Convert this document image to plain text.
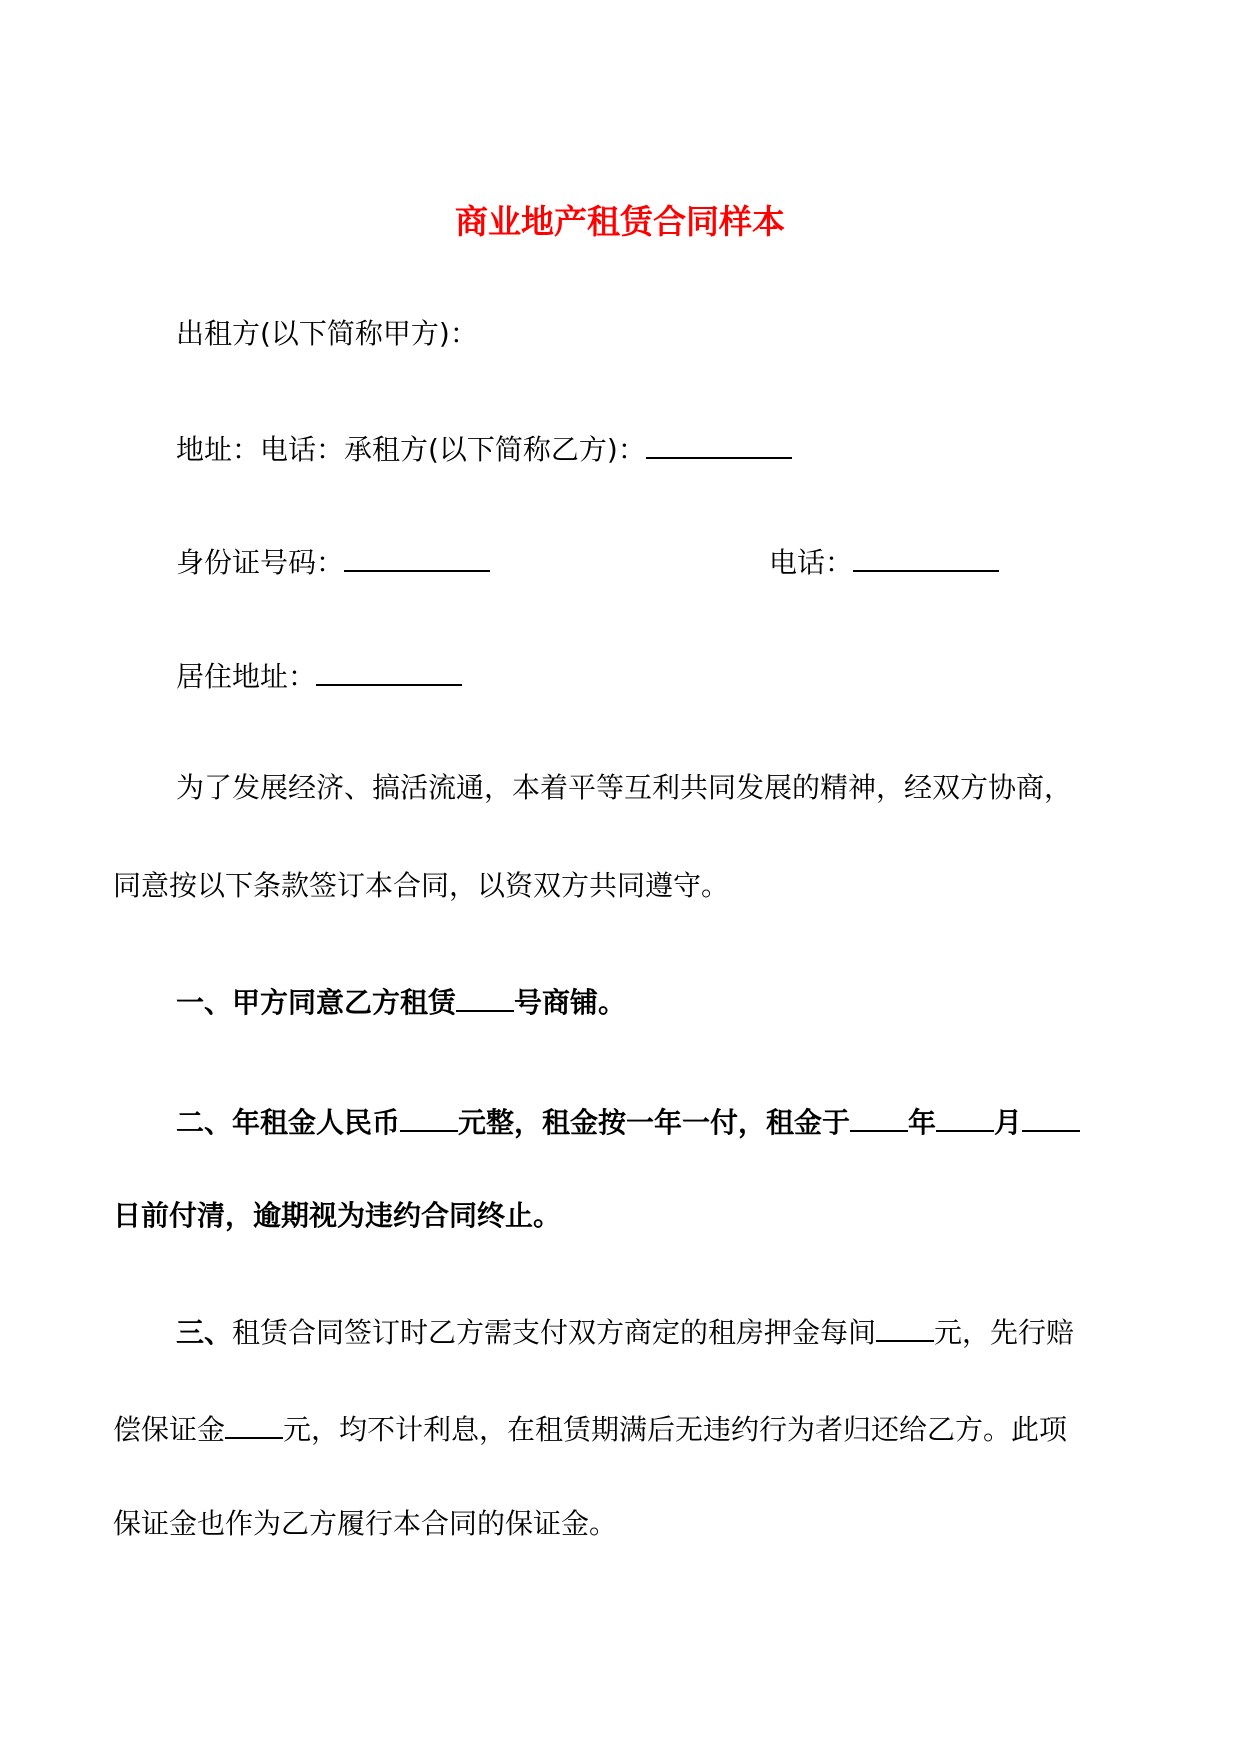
商业地产租赁合同样本
出租方(以下简称甲方)：
地址：电话：承租方(以下简称乙方)：
身份证号码：	电话：
居住地址：
为了发展经济、搞活流通，本着平等互利共同发展的精神，经双方协商，
同意按以下条款签订本合同，以资双方共同遵守。
一、甲方同意乙方租赁 号商铺。
二、年租金人民币 元整，租金按一年一付，租金于 年 月
日前付清，逾期视为违约合同终止。
三、租赁合同签订时乙方需支付双方商定的租房押金每间 元，先行赔
偿保证金 元，均不计利息，在租赁期满后无违约行为者归还给乙方。此项
保证金也作为乙方履行本合同的保证金。
